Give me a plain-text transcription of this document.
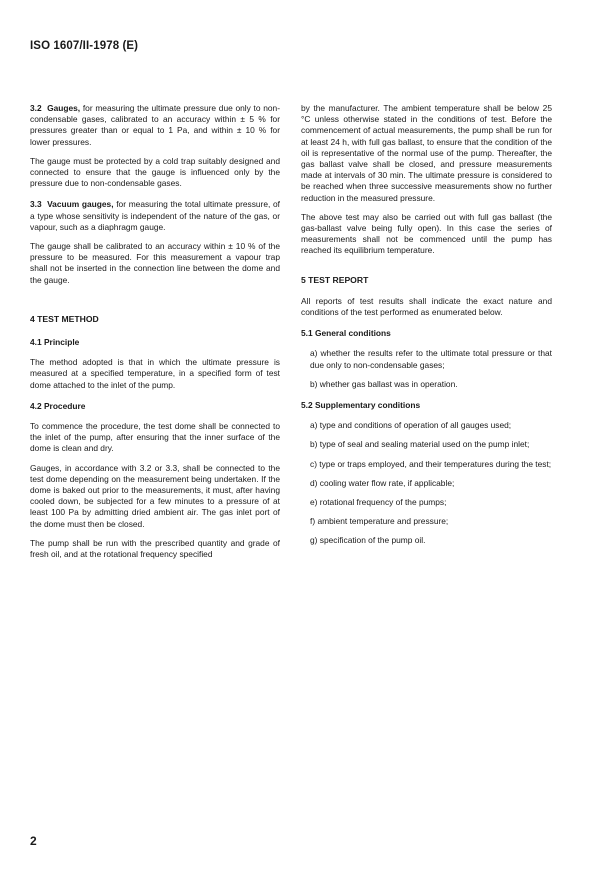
ISO 1607/II-1978 (E)

3.2 Gauges, for measuring the ultimate pressure due only to non-condensable gases, calibrated to an accuracy within ± 5 % for pressures greater than or equal to 1 Pa, and within ± 10 % for lower pressures.

The gauge must be protected by a cold trap suitably designed and connected to ensure that the gauge is influenced only by the pressure due to non-condensable gases.

3.3 Vacuum gauges, for measuring the total ultimate pressure, of a type whose sensitivity is independent of the nature of the gas, or vapour, such as a diaphragm gauge.

The gauge shall be calibrated to an accuracy within ± 10 % of the pressure to be measured. For this measurement a vapour trap shall not be inserted in the connection line between the dome and the gauge.

4 TEST METHOD
4.1 Principle

The method adopted is that in which the ultimate pressure is measured at a specified temperature, in a specified form of test dome attached to the inlet of the pump.

4.2 Procedure

To commence the procedure, the test dome shall be connected to the inlet of the pump, after ensuring that the inner surface of the dome is clean and dry.

Gauges, in accordance with 3.2 or 3.3, shall be connected to the test dome depending on the measurement being undertaken. If the dome is baked out prior to the measurements, it must, after having cooled down, be subjected for a few minutes to a pressure of at least 100 Pa by admitting dried ambient air. The gas inlet port of the dome must then be closed.

The pump shall be run with the prescribed quantity and grade of fresh oil, and at the rotational frequency specified

by the manufacturer. The ambient temperature shall be below 25 °C unless otherwise stated in the conditions of test. Before the commencement of actual measurements, the pump shall be run for at least 24 h, with full gas ballast, to ensure that the condition of the oil is representative of the normal use of the pump. Thereafter, the gas ballast valve shall be closed, and pressure measurements made at intervals of 30 min. The ultimate pressure is considered to be reached when three successive measurements show no further reduction in the measured pressure.

The above test may also be carried out with full gas ballast (the gas-ballast valve being fully open). In this case the series of measurements shall not be commenced until the pump has reached its equilibrium temperature.

5 TEST REPORT

All reports of test results shall indicate the exact nature and conditions of the test performed as enumerated below.

5.1 General conditions

a) whether the results refer to the ultimate total pressure or that due only to non-condensable gases;

b) whether gas ballast was in operation.

5.2 Supplementary conditions

a) type and conditions of operation of all gauges used;

b) type of seal and sealing material used on the pump inlet;

c) type or traps employed, and their temperatures during the test;

d) cooling water flow rate, if applicable;

e) rotational frequency of the pumps;

f) ambient temperature and pressure;

g) specification of the pump oil.

2
